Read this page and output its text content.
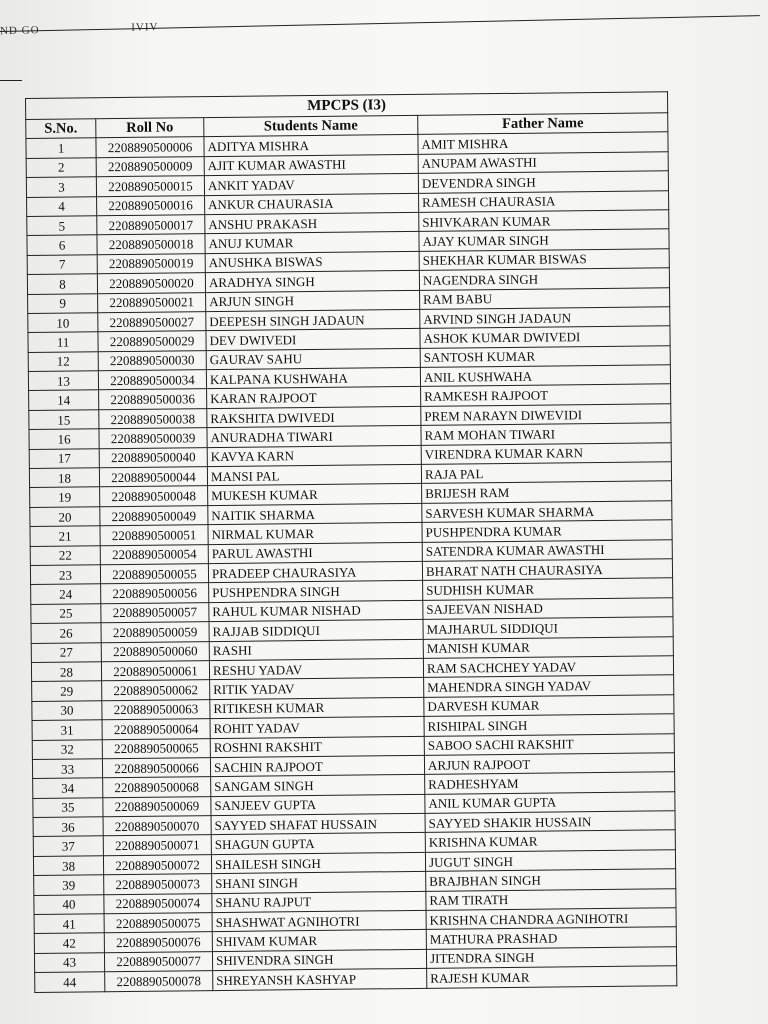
ND GO	IVIV
MPCPS (I3)			
S.No.	Roll No	Students Name	Father Name
1	2208890500006	ADITYA MISHRA	AMIT MISHRA
2	2208890500009	AJIT KUMAR AWASTHI	ANUPAM AWASTHI
3	2208890500015	ANKIT YADAV	DEVENDRA SINGH
4	2208890500016	ANKUR CHAURASIA	RAMESH CHAURASIA
5	2208890500017	ANSHU PRAKASH	SHIVKARAN KUMAR
6	2208890500018	ANUJ KUMAR	AJAY KUMAR SINGH
7	2208890500019	ANUSHKA BISWAS	SHEKHAR KUMAR BISWAS
8	2208890500020	ARADHYA SINGH	NAGENDRA SINGH
9	2208890500021	ARJUN SINGH	RAM BABU
10	2208890500027	DEEPESH SINGH JADAUN	ARVIND SINGH JADAUN
11	2208890500029	DEV DWIVEDI	ASHOK KUMAR DWIVEDI
12	2208890500030	GAURAV SAHU	SANTOSH KUMAR
13	2208890500034	KALPANA KUSHWAHA	ANIL KUSHWAHA
14	2208890500036	KARAN RAJPOOT	RAMKESH RAJPOOT
15	2208890500038	RAKSHITA DWIVEDI	PREM NARAYN DIWEVIDI
16	2208890500039	ANURADHA TIWARI	RAM MOHAN TIWARI
17	2208890500040	KAVYA KARN	VIRENDRA KUMAR KARN
18	2208890500044	MANSI PAL	RAJA PAL
19	2208890500048	MUKESH KUMAR	BRIJESH RAM
20	2208890500049	NAITIK SHARMA	SARVESH KUMAR SHARMA
21	2208890500051	NIRMAL KUMAR	PUSHPENDRA KUMAR
22	2208890500054	PARUL AWASTHI	SATENDRA KUMAR AWASTHI
23	2208890500055	PRADEEP CHAURASIYA	BHARAT NATH CHAURASIYA
24	2208890500056	PUSHPENDRA SINGH	SUDHISH KUMAR
25	2208890500057	RAHUL KUMAR NISHAD	SAJEEVAN NISHAD
26	2208890500059	RAJJAB SIDDIQUI	MAJHARUL SIDDIQUI
27	2208890500060	RASHI	MANISH KUMAR
28	2208890500061	RESHU YADAV	RAM SACHCHEY YADAV
29	2208890500062	RITIK YADAV	MAHENDRA SINGH YADAV
30	2208890500063	RITIKESH KUMAR	DARVESH KUMAR
31	2208890500064	ROHIT YADAV	RISHIPAL SINGH
32	2208890500065	ROSHNI RAKSHIT	SABOO SACHI RAKSHIT
33	2208890500066	SACHIN RAJPOOT	ARJUN RAJPOOT
34	2208890500068	SANGAM SINGH	RADHESHYAM
35	2208890500069	SANJEEV GUPTA	ANIL KUMAR GUPTA
36	2208890500070	SAYYED SHAFAT HUSSAIN	SAYYED SHAKIR HUSSAIN
37	2208890500071	SHAGUN GUPTA	KRISHNA KUMAR
38	2208890500072	SHAILESH SINGH	JUGUT SINGH
39	2208890500073	SHANI SINGH	BRAJBHAN SINGH
40	2208890500074	SHANU RAJPUT	RAM TIRATH
41	2208890500075	SHASHWAT AGNIHOTRI	KRISHNA CHANDRA AGNIHOTRI
42	2208890500076	SHIVAM KUMAR	MATHURA PRASHAD
43	2208890500077	SHIVENDRA SINGH	JITENDRA SINGH
44	2208890500078	SHREYANSH KASHYAP	RAJESH KUMAR
